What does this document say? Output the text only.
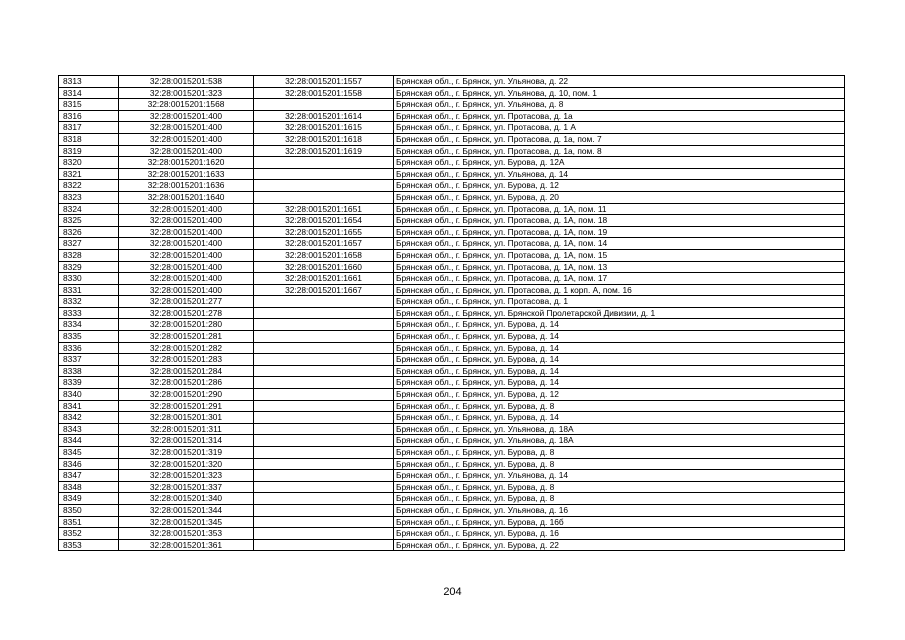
8313	32:28:0015201:538	32:28:0015201:1557	Брянская обл., г. Брянск, ул. Ульянова, д. 22
8314	32:28:0015201:323	32:28:0015201:1558	Брянская обл., г. Брянск, ул. Ульянова, д. 10, пом. 1
8315	32:28:0015201:1568		Брянская обл., г. Брянск, ул. Ульянова, д. 8
8316	32:28:0015201:400	32:28:0015201:1614	Брянская обл., г. Брянск, ул. Протасова, д. 1а
8317	32:28:0015201:400	32:28:0015201:1615	Брянская обл., г. Брянск, ул. Протасова, д. 1 А
8318	32:28:0015201:400	32:28:0015201:1618	Брянская обл., г. Брянск, ул. Протасова, д. 1а, пом. 7
8319	32:28:0015201:400	32:28:0015201:1619	Брянская обл., г. Брянск, ул. Протасова, д. 1а, пом. 8
8320	32:28:0015201:1620		Брянская обл., г. Брянск, ул. Бурова, д. 12А
8321	32:28:0015201:1633		Брянская обл., г. Брянск, ул. Ульянова, д. 14
8322	32:28:0015201:1636		Брянская обл., г. Брянск, ул. Бурова, д. 12
8323	32:28:0015201:1640		Брянская обл., г. Брянск, ул. Бурова, д. 20
8324	32:28:0015201:400	32:28:0015201:1651	Брянская обл., г. Брянск, ул. Протасова, д. 1А, пом. 11
8325	32:28:0015201:400	32:28:0015201:1654	Брянская обл., г. Брянск, ул. Протасова, д. 1А, пом. 18
8326	32:28:0015201:400	32:28:0015201:1655	Брянская обл., г. Брянск, ул. Протасова, д. 1А, пом. 19
8327	32:28:0015201:400	32:28:0015201:1657	Брянская обл., г. Брянск, ул. Протасова, д. 1А, пом. 14
8328	32:28:0015201:400	32:28:0015201:1658	Брянская обл., г. Брянск, ул. Протасова, д. 1А, пом. 15
8329	32:28:0015201:400	32:28:0015201:1660	Брянская обл., г. Брянск, ул. Протасова, д. 1А, пом. 13
8330	32:28:0015201:400	32:28:0015201:1661	Брянская обл., г. Брянск, ул. Протасова, д. 1А, пом. 17
8331	32:28:0015201:400	32:28:0015201:1667	Брянская обл., г. Брянск, ул. Протасова, д. 1 корп. А, пом. 16
8332	32:28:0015201:277		Брянская обл., г. Брянск, ул. Протасова, д. 1
8333	32:28:0015201:278		Брянская обл., г. Брянск, ул. Брянской Пролетарской Дивизии, д. 1
8334	32:28:0015201:280		Брянская обл., г. Брянск, ул. Бурова, д. 14
8335	32:28:0015201:281		Брянская обл., г. Брянск, ул. Бурова, д. 14
8336	32:28:0015201:282		Брянская обл., г. Брянск, ул. Бурова, д. 14
8337	32:28:0015201:283		Брянская обл., г. Брянск, ул. Бурова, д. 14
8338	32:28:0015201:284		Брянская обл., г. Брянск, ул. Бурова, д. 14
8339	32:28:0015201:286		Брянская обл., г. Брянск, ул. Бурова, д. 14
8340	32:28:0015201:290		Брянская обл., г. Брянск, ул. Бурова, д. 12
8341	32:28:0015201:291		Брянская обл., г. Брянск, ул. Бурова, д. 8
8342	32:28:0015201:301		Брянская обл., г. Брянск, ул. Бурова, д. 14
8343	32:28:0015201:311		Брянская обл., г. Брянск, ул. Ульянова, д. 18А
8344	32:28:0015201:314		Брянская обл., г. Брянск, ул. Ульянова, д. 18А
8345	32:28:0015201:319		Брянская обл., г. Брянск, ул. Бурова, д. 8
8346	32:28:0015201:320		Брянская обл., г. Брянск, ул. Бурова, д. 8
8347	32:28:0015201:323		Брянская обл., г. Брянск, ул. Ульянова, д. 14
8348	32:28:0015201:337		Брянская обл., г. Брянск, ул. Бурова, д. 8
8349	32:28:0015201:340		Брянская обл., г. Брянск, ул. Бурова, д. 8
8350	32:28:0015201:344		Брянская обл., г. Брянск, ул. Ульянова, д. 16
8351	32:28:0015201:345		Брянская обл., г. Брянск, ул. Бурова, д. 16б
8352	32:28:0015201:353		Брянская обл., г. Брянск, ул. Бурова, д. 16
8353	32:28:0015201:361		Брянская обл., г. Брянск, ул. Бурова, д. 22
204
